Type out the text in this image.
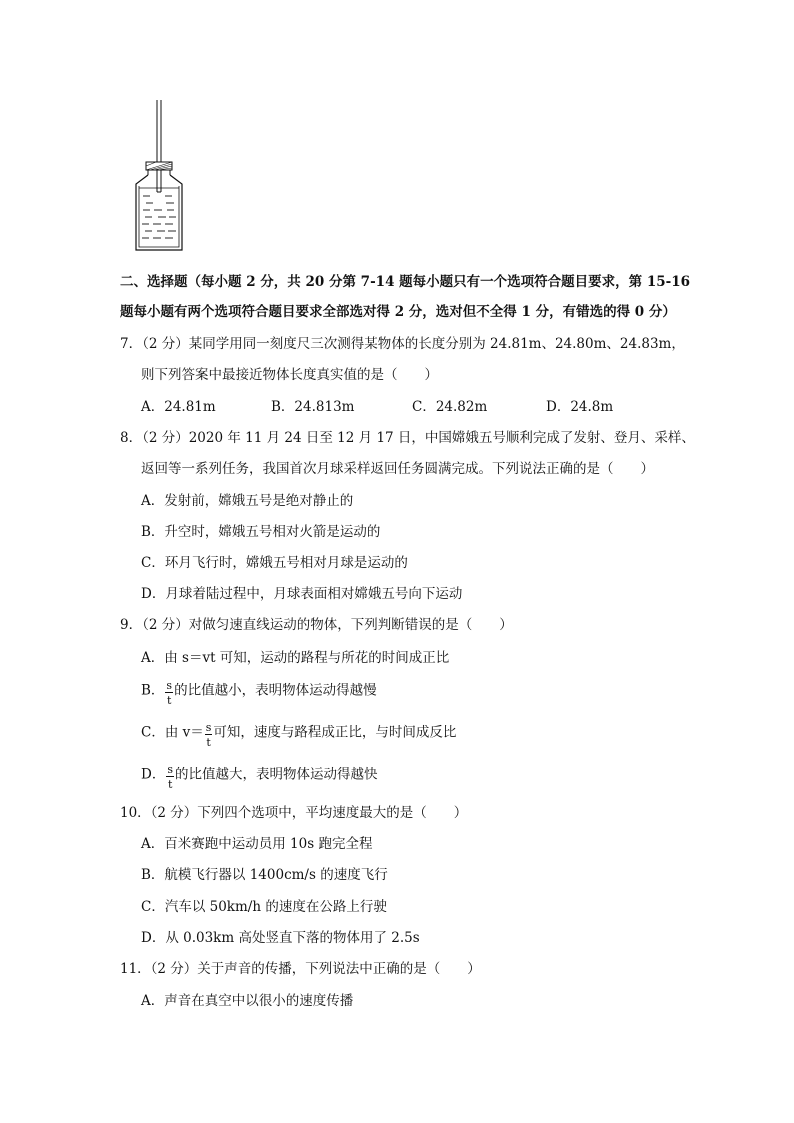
二、选择题（每小题 2 分，共 20 分第 7-14 题每小题只有一个选项符合题目要求，第 15-16
题每小题有两个选项符合题目要求全部选对得 2 分，选对但不全得 1 分，有错选的得 0 分）
7．（2 分）某同学用同一刻度尺三次测得某物体的长度分别为 24.81m、24.80m、24.83m，
则下列答案中最接近物体长度真实值的是（　　）
A．24.81m	B．24.813m	C．24.82m	D．24.8m
8．（2 分）2020 年 11 月 24 日至 12 月 17 日，中国嫦娥五号顺利完成了发射、登月、采样、
返回等一系列任务，我国首次月球采样返回任务圆满完成。下列说法正确的是（　　）
A．发射前，嫦娥五号是绝对静止的
B．升空时，嫦娥五号相对火箭是运动的
C．环月飞行时，嫦娥五号相对月球是运动的
D．月球着陆过程中，月球表面相对嫦娥五号向下运动
9．（2 分）对做匀速直线运动的物体，下列判断错误的是（　　）
A．由 s＝vt 可知，运动的路程与所花的时间成正比
B． $\frac{s}{t}$ 的比值越小，表明物体运动得越慢
C．由 $v= \frac{s}{t}$ 可知，速度与路程成正比，与时间成反比
D． $\frac{s}{t}$ 的比值越大，表明物体运动得越快
10．（2 分）下列四个选项中，平均速度最大的是（　　）
A．百米赛跑中运动员用 10s 跑完全程
B．航模飞行器以 1400cm/s 的速度飞行
C．汽车以 50km/h 的速度在公路上行驶
D．从 0.03km 高处竖直下落的物体用了 2.5s
11．（2 分）关于声音的传播，下列说法中正确的是（　　）
A．声音在真空中以很小的速度传播
